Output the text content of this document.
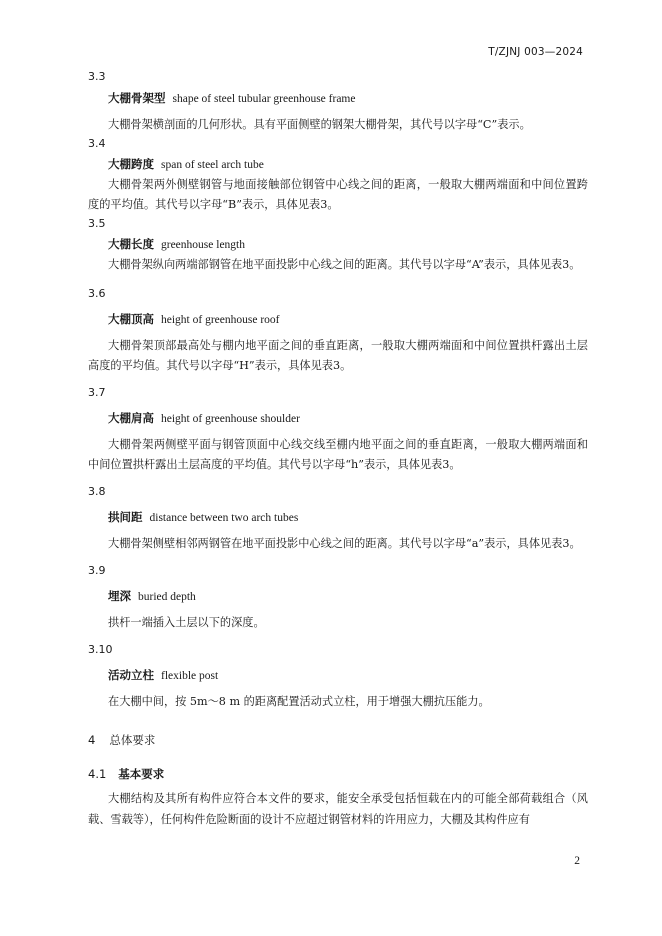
T/ZJNJ 003—2024
3.3
大棚骨架型 shape of steel tubular greenhouse frame

大棚骨架横剖面的几何形状。具有平面侧壁的钢架大棚骨架，其代号以字母“C”表示。

3.4
大棚跨度 span of steel arch tube

大棚骨架两外侧壁钢管与地面接触部位钢管中心线之间的距离，一般取大棚两端面和中间位置跨度的平均值。其代号以字母“B”表示，具体见表3。

3.5
大棚长度 greenhouse length

大棚骨架纵向两端部钢管在地平面投影中心线之间的距离。其代号以字母“A”表示，具体见表3。

3.6
大棚顶高 height of greenhouse roof

大棚骨架顶部最高处与棚内地平面之间的垂直距离，一般取大棚两端面和中间位置拱杆露出土层高度的平均值。其代号以字母“H”表示，具体见表3。

3.7
大棚肩高 height of greenhouse shoulder

大棚骨架两侧壁平面与钢管顶面中心线交线至棚内地平面之间的垂直距离，一般取大棚两端面和中间位置拱杆露出土层高度的平均值。其代号以字母“h”表示，具体见表3。

3.8
拱间距 distance between two arch tubes

大棚骨架侧壁相邻两钢管在地平面投影中心线之间的距离。其代号以字母“a”表示，具体见表3。

3.9
埋深 buried depth

拱杆一端插入土层以下的深度。

3.10
活动立柱 flexible post

在大棚中间，按 5m～8 m 的距离配置活动式立柱，用于增强大棚抗压能力。

4 总体要求
4.1 基本要求

大棚结构及其所有构件应符合本文件的要求，能安全承受包括恒载在内的可能全部荷载组合（风载、雪载等），任何构件危险断面的设计不应超过钢管材料的许用应力，大棚及其构件应有

2
